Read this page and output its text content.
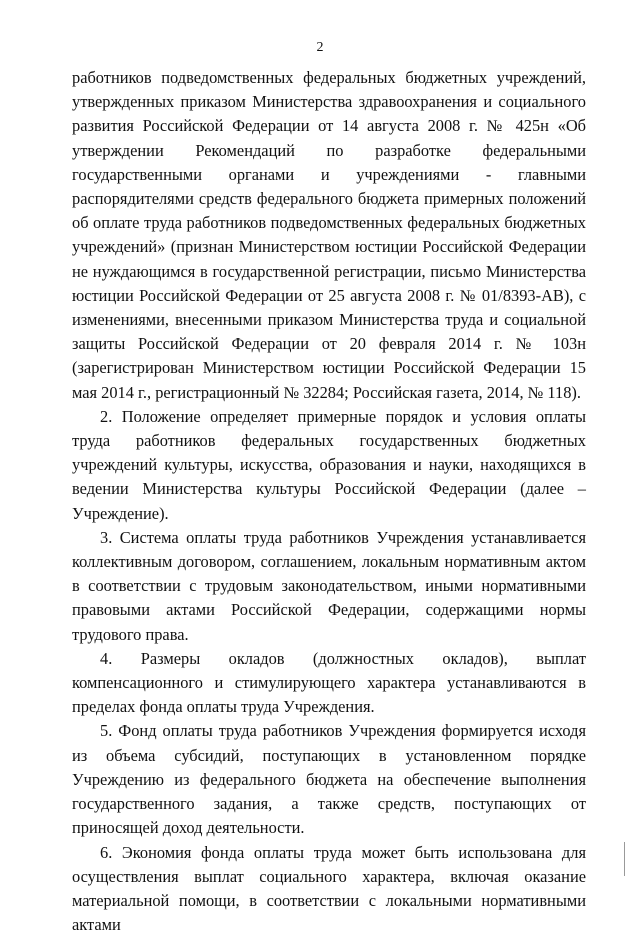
2

работников подведомственных федеральных бюджетных учреждений, утвержденных приказом Министерства здравоохранения и социального развития Российской Федерации от 14 августа 2008 г. № 425н «Об утверждении Рекомендаций по разработке федеральными государственными органами и учреждениями - главными распорядителями средств федерального бюджета примерных положений об оплате труда работников подведомственных федеральных бюджетных учреждений» (признан Министерством юстиции Российской Федерации не нуждающимся в государственной регистрации, письмо Министерства юстиции Российской Федерации от 25 августа 2008 г. № 01/8393-АВ), с изменениями, внесенными приказом Министерства труда и социальной защиты Российской Федерации от 20 февраля 2014 г. № 103н (зарегистрирован Министерством юстиции Российской Федерации 15 мая 2014 г., регистрационный № 32284; Российская газета, 2014, № 118).

2. Положение определяет примерные порядок и условия оплаты труда работников федеральных государственных бюджетных учреждений культуры, искусства, образования и науки, находящихся в ведении Министерства культуры Российской Федерации (далее – Учреждение).

3. Система оплаты труда работников Учреждения устанавливается коллективным договором, соглашением, локальным нормативным актом в соответствии с трудовым законодательством, иными нормативными правовыми актами Российской Федерации, содержащими нормы трудового права.

4. Размеры окладов (должностных окладов), выплат компенсационного и стимулирующего характера устанавливаются в пределах фонда оплаты труда Учреждения.

5. Фонд оплаты труда работников Учреждения формируется исходя из объема субсидий, поступающих в установленном порядке Учреждению из федерального бюджета на обеспечение выполнения государственного задания, а также средств, поступающих от приносящей доход деятельности.

6. Экономия фонда оплаты труда может быть использована для осуществления выплат социального характера, включая оказание материальной помощи, в соответствии с локальными нормативными актами
